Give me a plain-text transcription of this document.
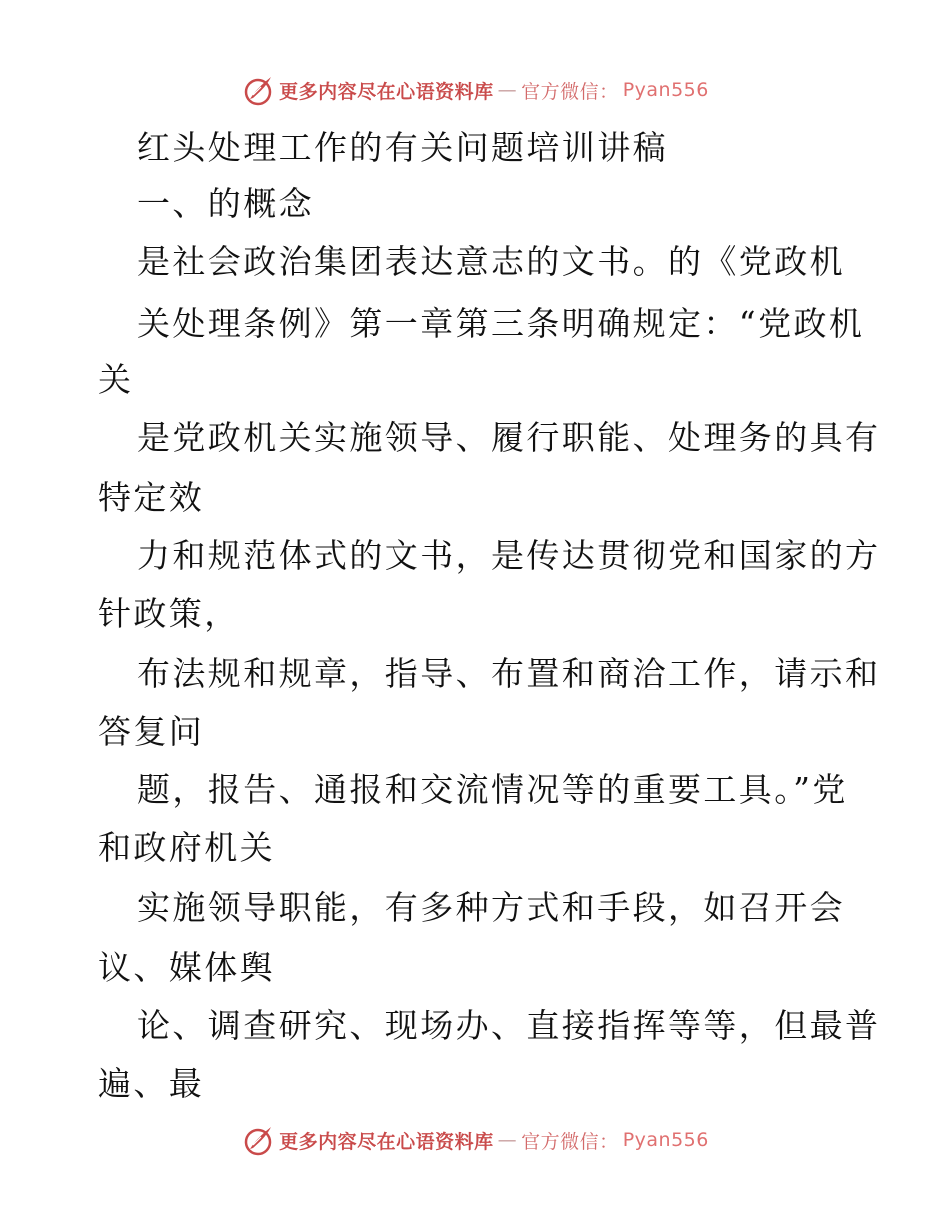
更多内容尽在心语资料库 — 官方微信： Pyan556
红头处理工作的有关问题培训讲稿
一、的概念
是社会政治集团表达意志的文书。的《党政机
关处理条例》第一章第三条明确规定：“党政机
关
是党政机关实施领导、履行职能、处理务的具有
特定效
力和规范体式的文书，是传达贯彻党和国家的方
针政策，
布法规和规章，指导、布置和商洽工作，请示和
答复问
题，报告、通报和交流情况等的重要工具。”党
和政府机关
实施领导职能，有多种方式和手段，如召开会
议、媒体舆
论、调查研究、现场办、直接指挥等等，但最普
遍、最
更多内容尽在心语资料库 — 官方微信： Pyan556
